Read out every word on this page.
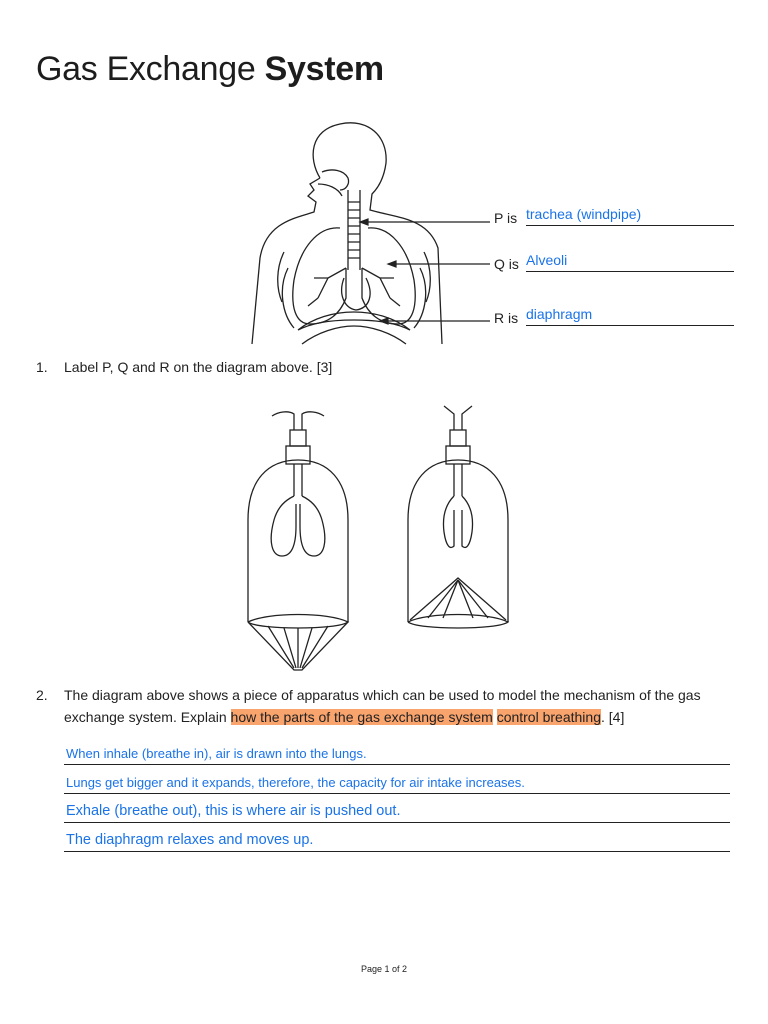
Gas Exchange System
P is trachea (windpipe)
Q is Alveoli
R is diaphragm
1. Label P, Q and R on the diagram above. [3]
2. The diagram above shows a piece of apparatus which can be used to model the mechanism of the gas exchange system. Explain how the parts of the gas exchange system control breathing. [4]
When inhale (breathe in), air is drawn into the lungs.
Lungs get bigger and it expands, therefore, the capacity for air intake increases.
Exhale (breathe out), this is where air is pushed out.
The diaphragm relaxes and moves up.
Page 1 of 2
